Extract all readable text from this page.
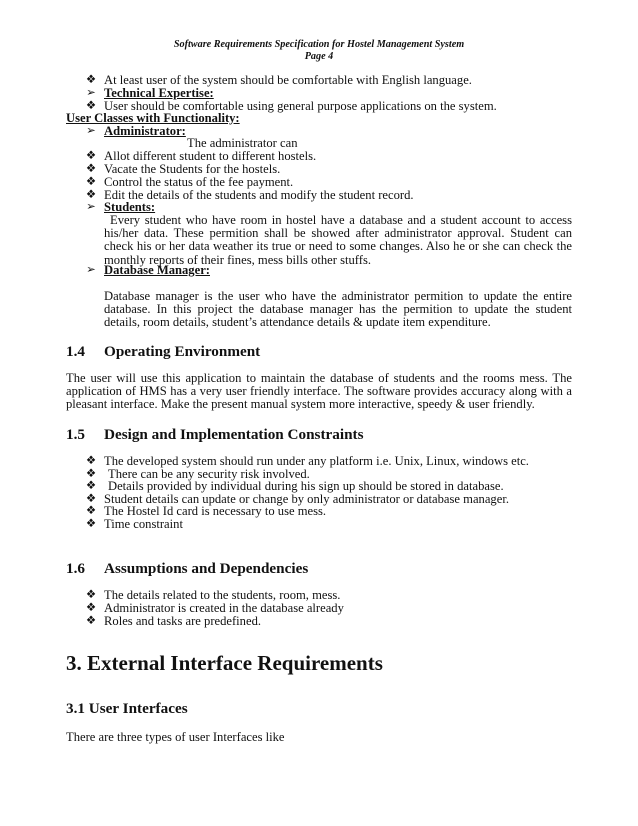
Software Requirements Specification for Hostel Management System
Page 4
❖ At least user of the system should be comfortable with English language.
➢ Technical Expertise:
❖ User should be comfortable using general purpose applications on the system.
User Classes with Functionality:
➢ Administrator:
The administrator can
❖ Allot different student to different hostels.
❖ Vacate the Students for the hostels.
❖ Control the status of the fee payment.
❖ Edit the details of the students and modify the student record.
➢ Students:
Every student who have room in hostel have a database and a student account to access his/her data. These permition shall be showed after administrator approval. Student can check his or her data weather its true or need to some changes. Also he or she can check the monthly reports of their fines, mess bills other stuffs.
➢ Database Manager:
Database manager is the user who have the administrator permition to update the entire database. In this project the database manager has the permition to update the student details, room details, student’s attendance details & update item expenditure.
1.4 Operating Environment
The user will use this application to maintain the database of students and the rooms mess. The application of HMS has a very user friendly interface. The software provides accuracy along with a pleasant interface. Make the present manual system more interactive, speedy & user friendly.
1.5 Design and Implementation Constraints
❖ The developed system should run under any platform i.e. Unix, Linux, windows etc.
❖ There can be any security risk involved.
❖ Details provided by individual during his sign up should be stored in database.
❖ Student details can update or change by only administrator or database manager.
❖ The Hostel Id card is necessary to use mess.
❖ Time constraint
1.6 Assumptions and Dependencies
❖ The details related to the students, room, mess.
❖ Administrator is created in the database already
❖ Roles and tasks are predefined.
3. External Interface Requirements
3.1 User Interfaces
There are three types of user Interfaces like
